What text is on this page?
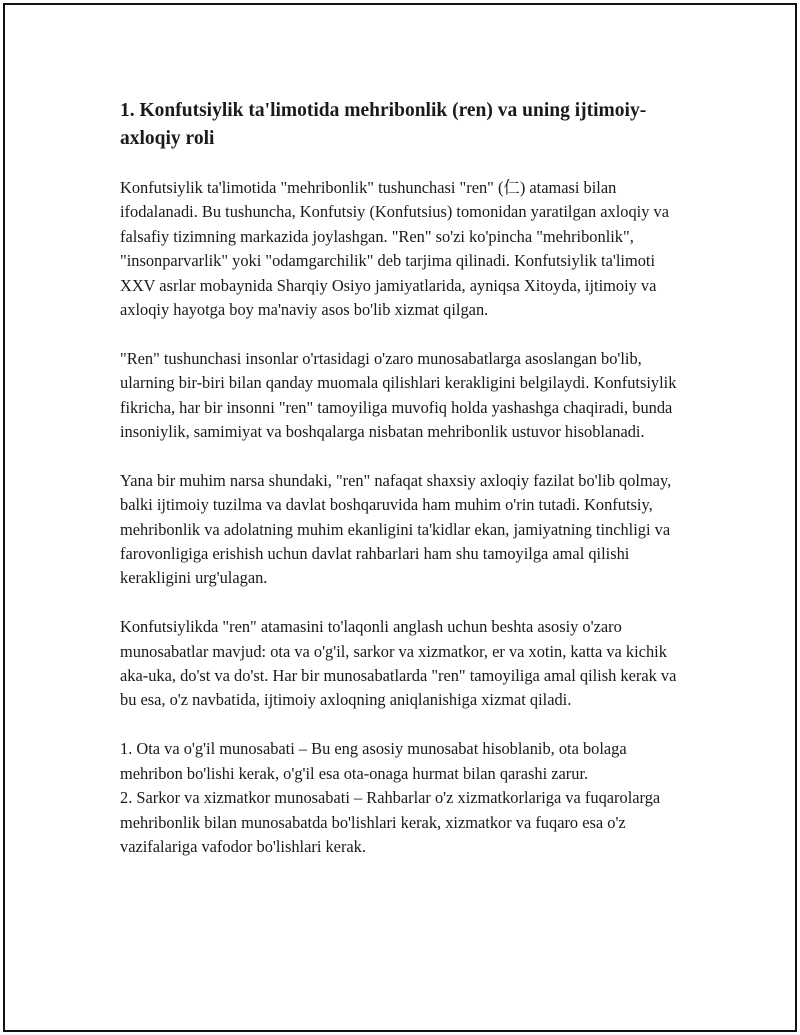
1. Konfutsiylik ta'limotida mehribonlik (ren) va uning ijtimoiy-axloqiy roli

Konfutsiylik ta'limotida "mehribonlik" tushunchasi "ren" (仁) atamasi bilan ifodalanadi. Bu tushuncha, Konfutsiy (Konfutsius) tomonidan yaratilgan axloqiy va falsafiy tizimning markazida joylashgan. "Ren" so'zi ko'pincha "mehribonlik", "insonparvarlik" yoki "odamgarchilik" deb tarjima qilinadi. Konfutsiylik ta'limoti XXV asrlar mobaynida Sharqiy Osiyo jamiyatlarida, ayniqsa Xitoyda, ijtimoiy va axloqiy hayotga boy ma'naviy asos bo'lib xizmat qilgan.

"Ren" tushunchasi insonlar o'rtasidagi o'zaro munosabatlarga asoslangan bo'lib, ularning bir-biri bilan qanday muomala qilishlari kerakligini belgilaydi. Konfutsiylik fikricha, har bir insonni "ren" tamoyiliga muvofiq holda yashashga chaqiradi, bunda insoniylik, samimiyat va boshqalarga nisbatan mehribonlik ustuvor hisoblanadi.

Yana bir muhim narsa shundaki, "ren" nafaqat shaxsiy axloqiy fazilat bo'lib qolmay, balki ijtimoiy tuzilma va davlat boshqaruvida ham muhim o'rin tutadi. Konfutsiy, mehribonlik va adolatning muhim ekanligini ta'kidlar ekan, jamiyatning tinchligi va farovonligiga erishish uchun davlat rahbarlari ham shu tamoyilga amal qilishi kerakligini urg'ulagan.

Konfutsiylikda "ren" atamasini to'laqonli anglash uchun beshta asosiy o'zaro munosabatlar mavjud: ota va o'g'il, sarkor va xizmatkor, er va xotin, katta va kichik aka-uka, do'st va do'st. Har bir munosabatlarda "ren" tamoyiliga amal qilish kerak va bu esa, o'z navbatida, ijtimoiy axloqning aniqlanishiga xizmat qiladi.

1. Ota va o'g'il munosabati – Bu eng asosiy munosabat hisoblanib, ota bolaga mehribon bo'lishi kerak, o'g'il esa ota-onaga hurmat bilan qarashi zarur.

2. Sarkor va xizmatkor munosabati – Rahbarlar o'z xizmatkorlariga va fuqarolarga mehribonlik bilan munosabatda bo'lishlari kerak, xizmatkor va fuqaro esa o'z vazifalariga vafodor bo'lishlari kerak.
